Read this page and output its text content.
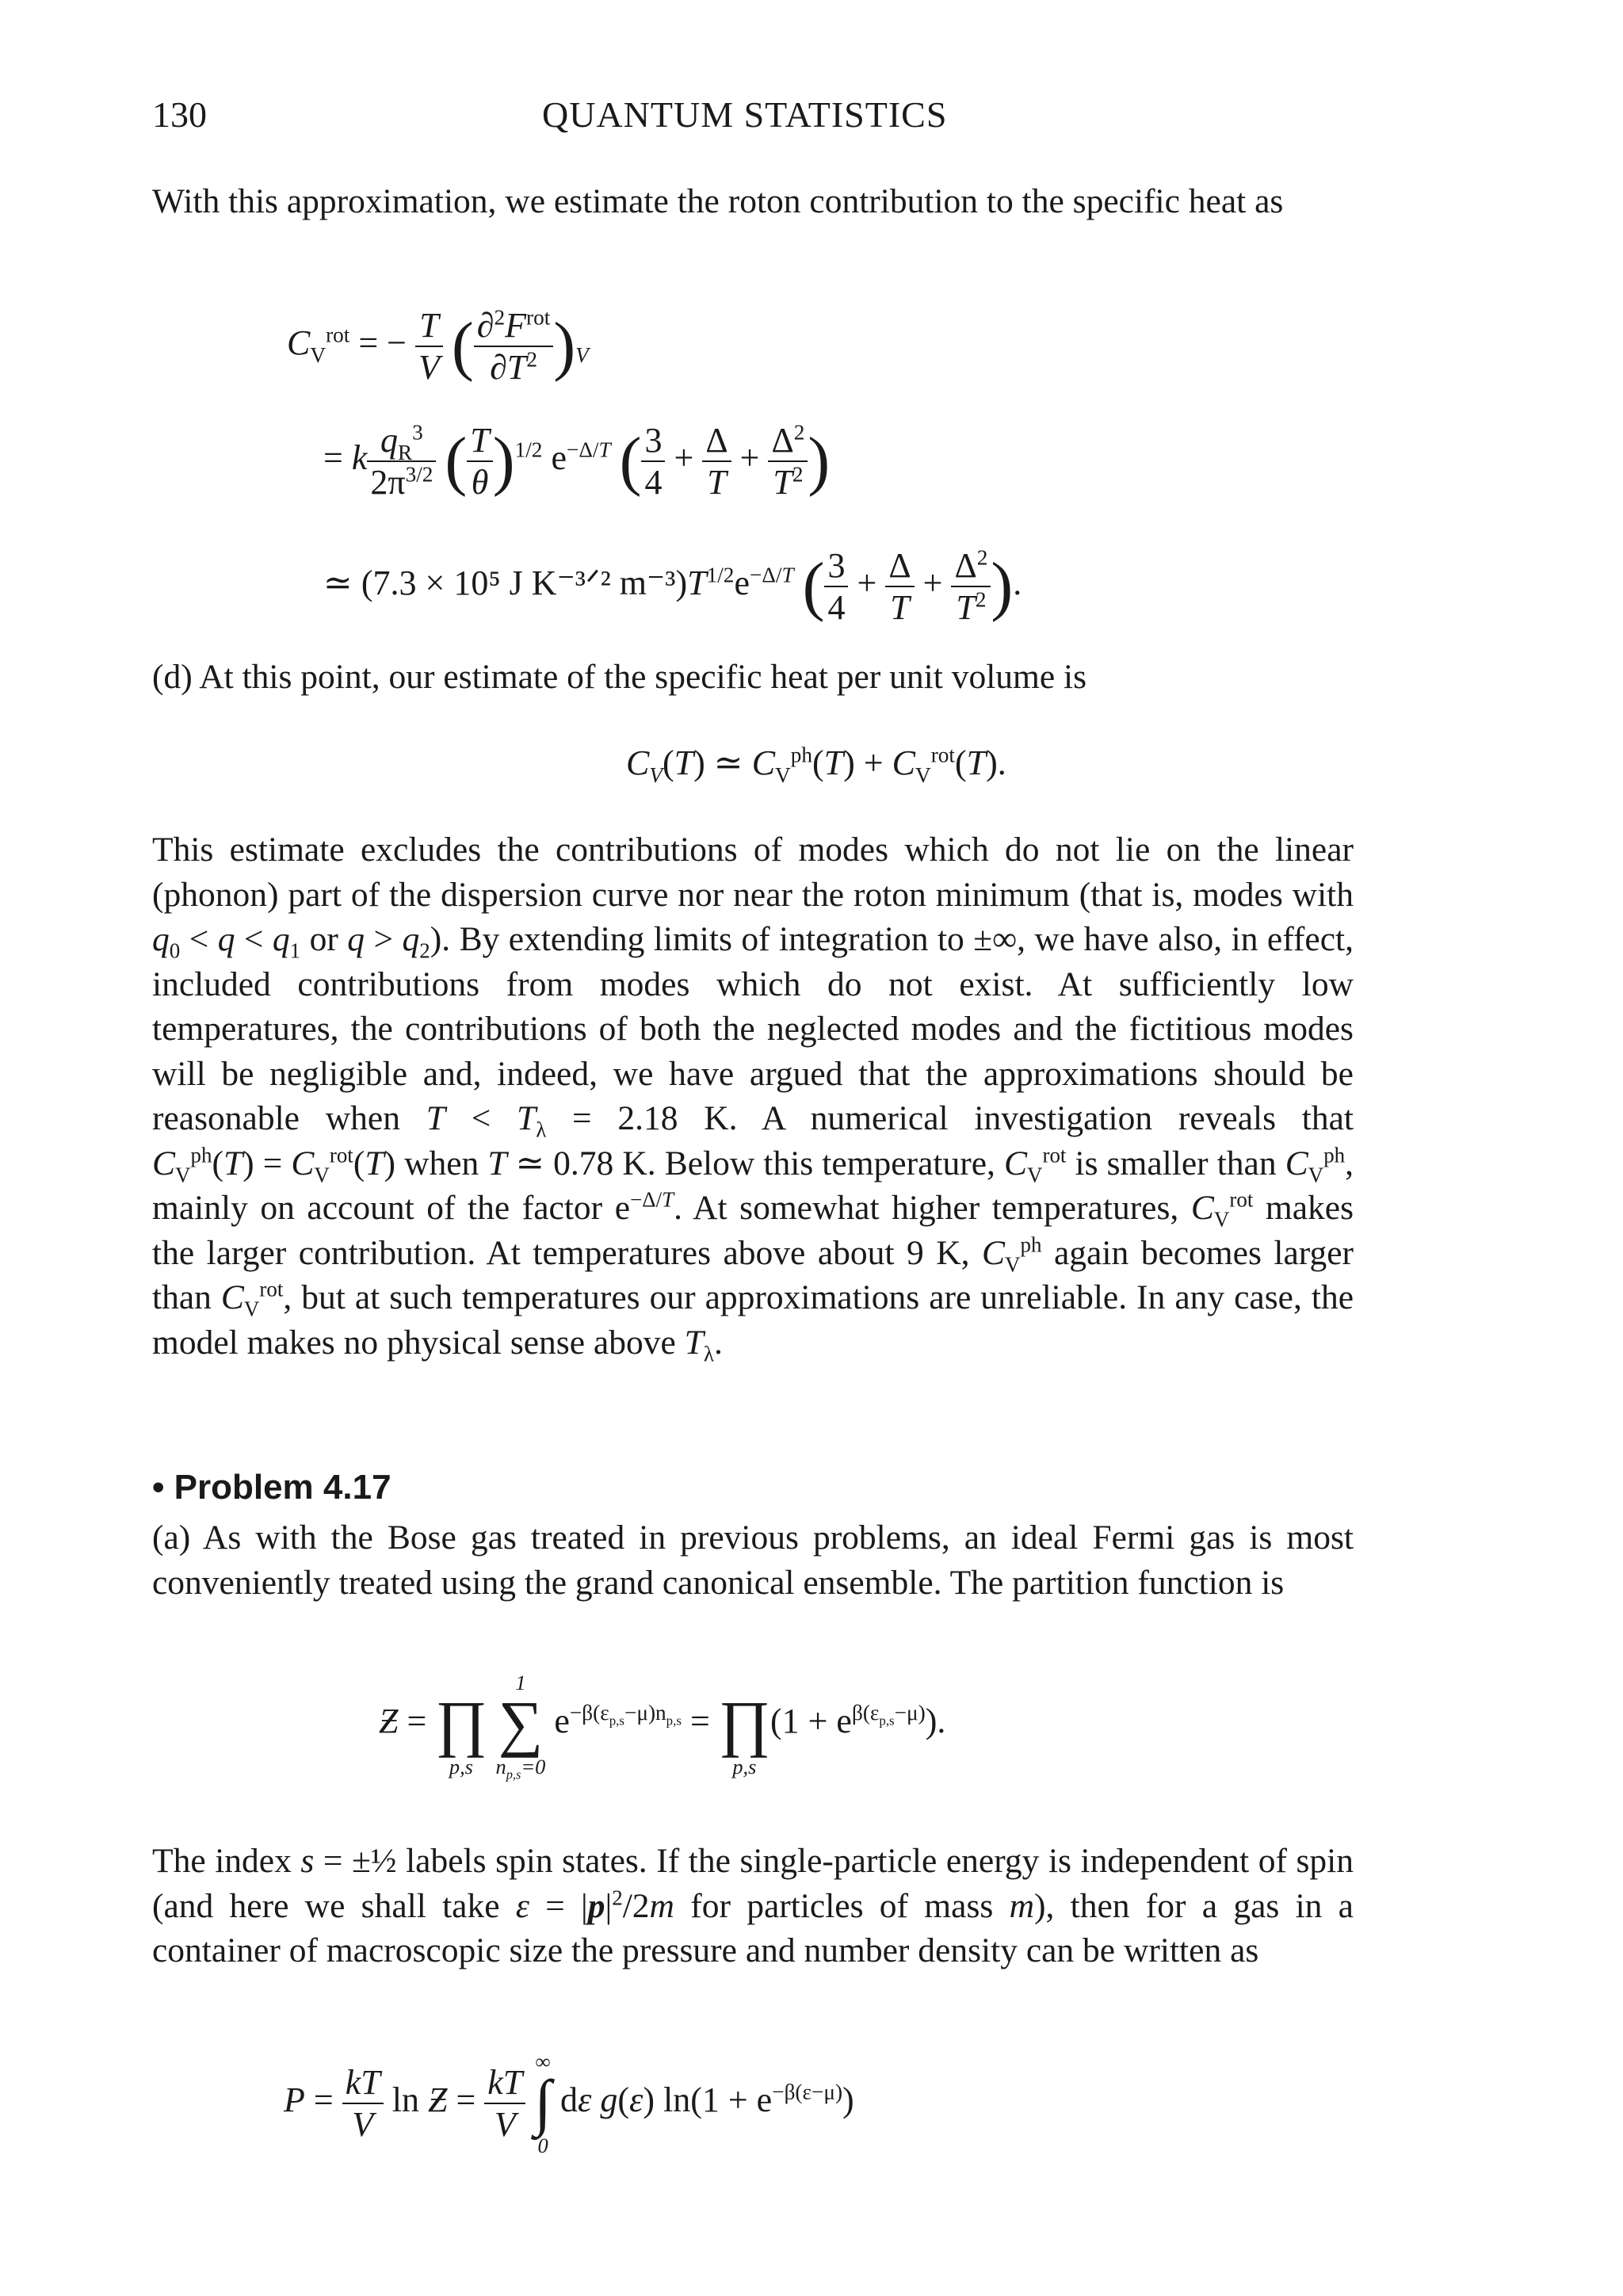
130	QUANTUM STATISTICS
With this approximation, we estimate the roton contribution to the specific heat as
$C_V^{rot}$ = − $\frac{T}{V}$ ( $\frac{\partial^2F^{rot}}{\partial T^2} )_V$
= k $\frac{q_R^3}{2\pi^{3/2}}$ ( $\frac{T}{\theta} )^{1/2}$ $e^{-\Delta/T}$ ( $\frac{3}{4} + \frac{\Delta}{T} + \frac{\Delta^2}{T^2}$ )
≃ (7.3 × 10⁵ J K⁻³ᐟ² $m^{-3})T^{1/2}e^{-\Delta/T}$ ( $\frac{3}{4} + \frac{\Delta}{T} + \frac{\Delta^2}{T^2}$ ).
(d) At this point, our estimate of the specific heat per unit volume is
$C_V(T)$ ≃ $C_V^{ph}(T) + C_V^{rot}(T)$.
This estimate excludes the contributions of modes which do not lie on the linear (phonon) part of the dispersion curve nor near the roton minimum (that is, modes with $q_0 < q < q_1$ or $q > q_2$). By extending limits of integration to ±∞, we have also, in effect, included contributions from modes which do not exist. At sufficiently low temperatures, the contributions of both the neglected modes and the fictitious modes will be negligible and, indeed, we have argued that the approximations should be reasonable when $T < T_\lambda = 2.18$ K. A numerical investigation reveals that $C_V^{ph}(T) = C_V^{rot}(T)$ when T ≃ 0.78 K. Below this temperature, $C_V^{rot}$ is smaller than $C_V^{ph}$, mainly on account of the factor $e^{-\Delta/T}$. At somewhat higher temperatures, $C_V^{rot}$ makes the larger contribution. At temperatures above about 9 K, $C_V^{ph}$ again becomes larger than $C_V^{rot}$, but at such temperatures our approximations are unreliable. In any case, the model makes no physical sense above $T_\lambda$.
• Problem 4.17
(a) As with the Bose gas treated in previous problems, an ideal Fermi gas is most conveniently treated using the grand canonical ensemble. The partition function is
Ƶ =
∏
p,s

1
∑
$n_{p,s}=0$
$e^{-\beta(\varepsilon_{p,s}-\mu)n_{p,s}}$ =
∏
p,s
$(1 + e^{\beta(\varepsilon_{p,s}-\mu)})$.
The index s = ±½ labels spin states. If the single-particle energy is independent of spin (and here we shall take $\varepsilon = |p|^2/2m$ for particles of mass m), then for a gas in a container of macroscopic size the pressure and number density can be written as
$P = \frac{kT}{V}$ ln Ƶ = $\frac{kT}{V}$

∞
∫
0
dε g(ε) $\ln(1 + e^{-\beta(\varepsilon-\mu)})$
